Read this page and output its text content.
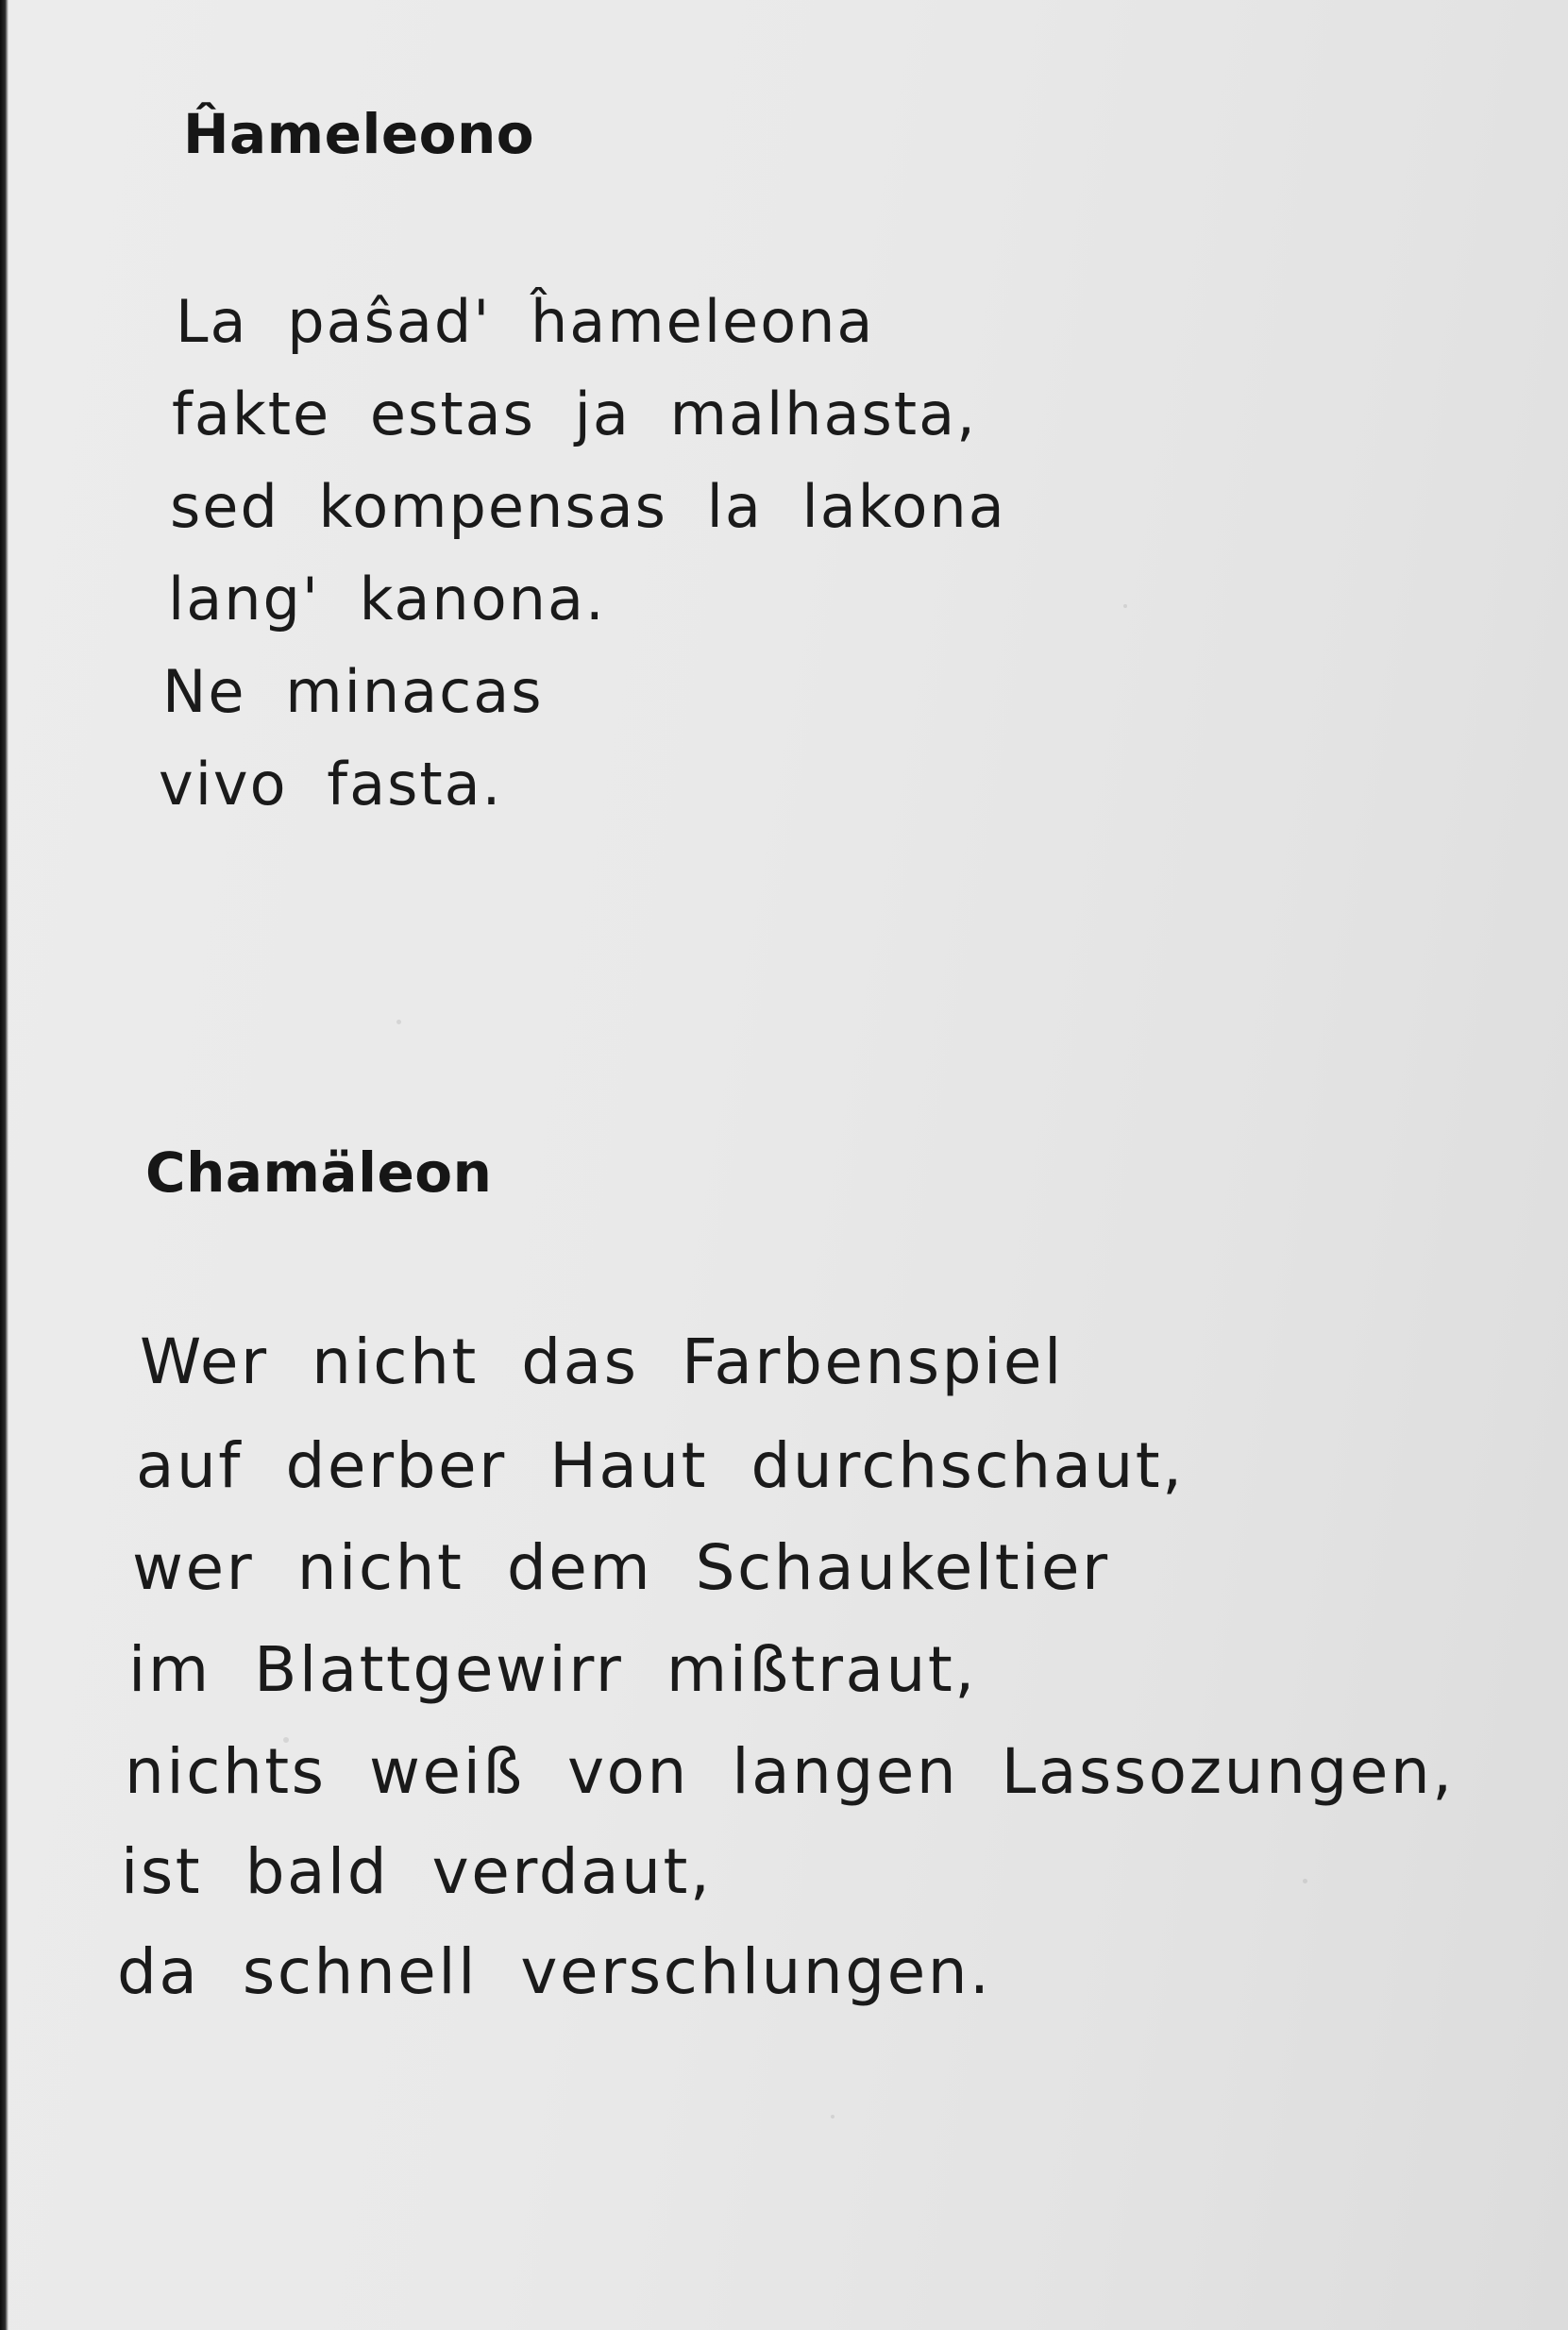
Ĥameleono

La paŝad' ĥameleona

fakte estas ja malhasta,

sed kompensas la lakona

lang' kanona.

Ne minacas

vivo fasta.

Chamäleon

Wer nicht das Farbenspiel

auf derber Haut durchschaut,

wer nicht dem Schaukeltier

im Blattgewirr mißtraut,

nichts weiß von langen Lassozungen,

ist bald verdaut,

da schnell verschlungen.
